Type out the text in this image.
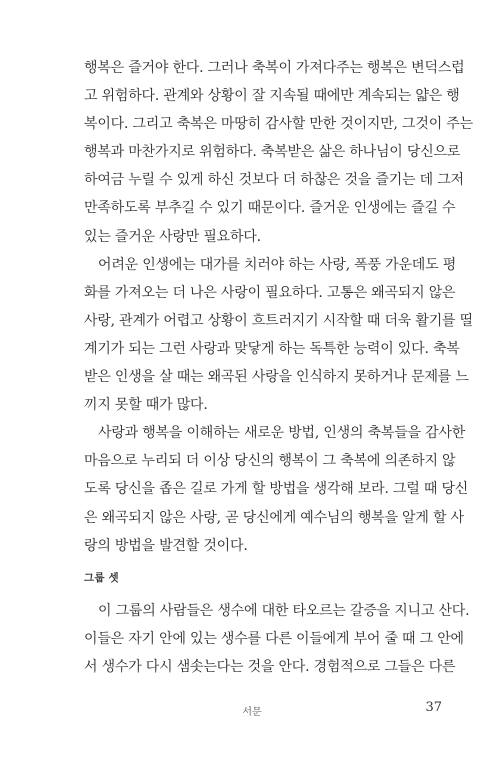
행복은 즐거야 한다. 그러나 축복이 가져다주는 행복은 변덕스럽
고 위험하다. 관계와 상황이 잘 지속될 때에만 계속되는 얇은 행
복이다. 그리고 축복은 마땅히 감사할 만한 것이지만, 그것이 주는
행복과 마찬가지로 위험하다. 축복받은 삶은 하나님이 당신으로
하여금 누릴 수 있게 하신 것보다 더 하찮은 것을 즐기는 데 그저
만족하도록 부추길 수 있기 때문이다. 즐거운 인생에는 즐길 수
있는 즐거운 사랑만 필요하다.
어려운 인생에는 대가를 치러야 하는 사랑, 폭풍 가운데도 평
화를 가져오는 더 나은 사랑이 필요하다. 고통은 왜곡되지 않은
사랑, 관계가 어렵고 상황이 흐트러지기 시작할 때 더욱 활기를 띨
계기가 되는 그런 사랑과 맞닿게 하는 독특한 능력이 있다. 축복
받은 인생을 살 때는 왜곡된 사랑을 인식하지 못하거나 문제를 느
끼지 못할 때가 많다.
사랑과 행복을 이해하는 새로운 방법, 인생의 축복들을 감사한
마음으로 누리되 더 이상 당신의 행복이 그 축복에 의존하지 않
도록 당신을 좁은 길로 가게 할 방법을 생각해 보라. 그럴 때 당신
은 왜곡되지 않은 사랑, 곧 당신에게 예수님의 행복을 알게 할 사
랑의 방법을 발견할 것이다.
그룹 셋
이 그룹의 사람들은 생수에 대한 타오르는 갈증을 지니고 산다.
이들은 자기 안에 있는 생수를 다른 이들에게 부어 줄 때 그 안에
서 생수가 다시 샘솟는다는 것을 안다. 경험적으로 그들은 다른
서문	37
